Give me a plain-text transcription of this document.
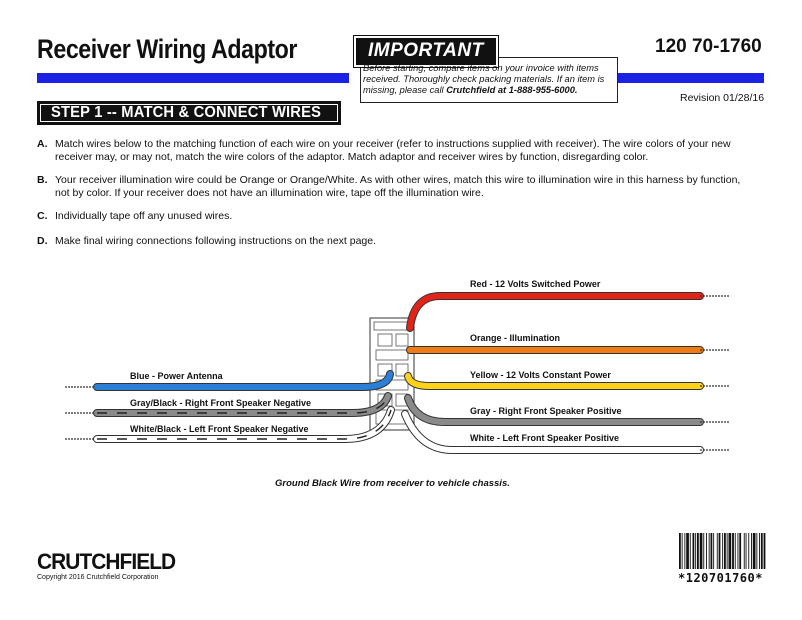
Receiver Wiring Adaptor	120 70-1760
Revision 01/28/16
IMPORTANT
Before starting, compare items on your invoice with items received. Thoroughly check packing materials. If an item is missing, please call Crutchfield at 1-888-955-6000.
STEP 1 -- MATCH & CONNECT WIRES
A. Match wires below to the matching function of each wire on your receiver (refer to instructions supplied with receiver). The wire colors of your new receiver may, or may not, match the wire colors of the adaptor. Match adaptor and receiver wires by function, disregarding color.
B. Your receiver illumination wire could be Orange or Orange/White. As with other wires, match this wire to illumination wire in this harness by function, not by color. If your receiver does not have an illumination wire, tape off the illumination wire.
C. Individually tape off any unused wires.
D. Make final wiring connections following instructions on the next page.
Blue - Power Antenna
Gray/Black - Right Front Speaker Negative
White/Black - Left Front Speaker Negative
Red - 12 Volts Switched Power
Orange - Illumination
Yellow - 12 Volts Constant Power
Gray - Right Front Speaker Positive
White - Left Front Speaker Positive
Ground Black Wire from receiver to vehicle chassis.
CRUTCHFIELD
Copyright 2016 Crutchfield Corporation	*120701760*
